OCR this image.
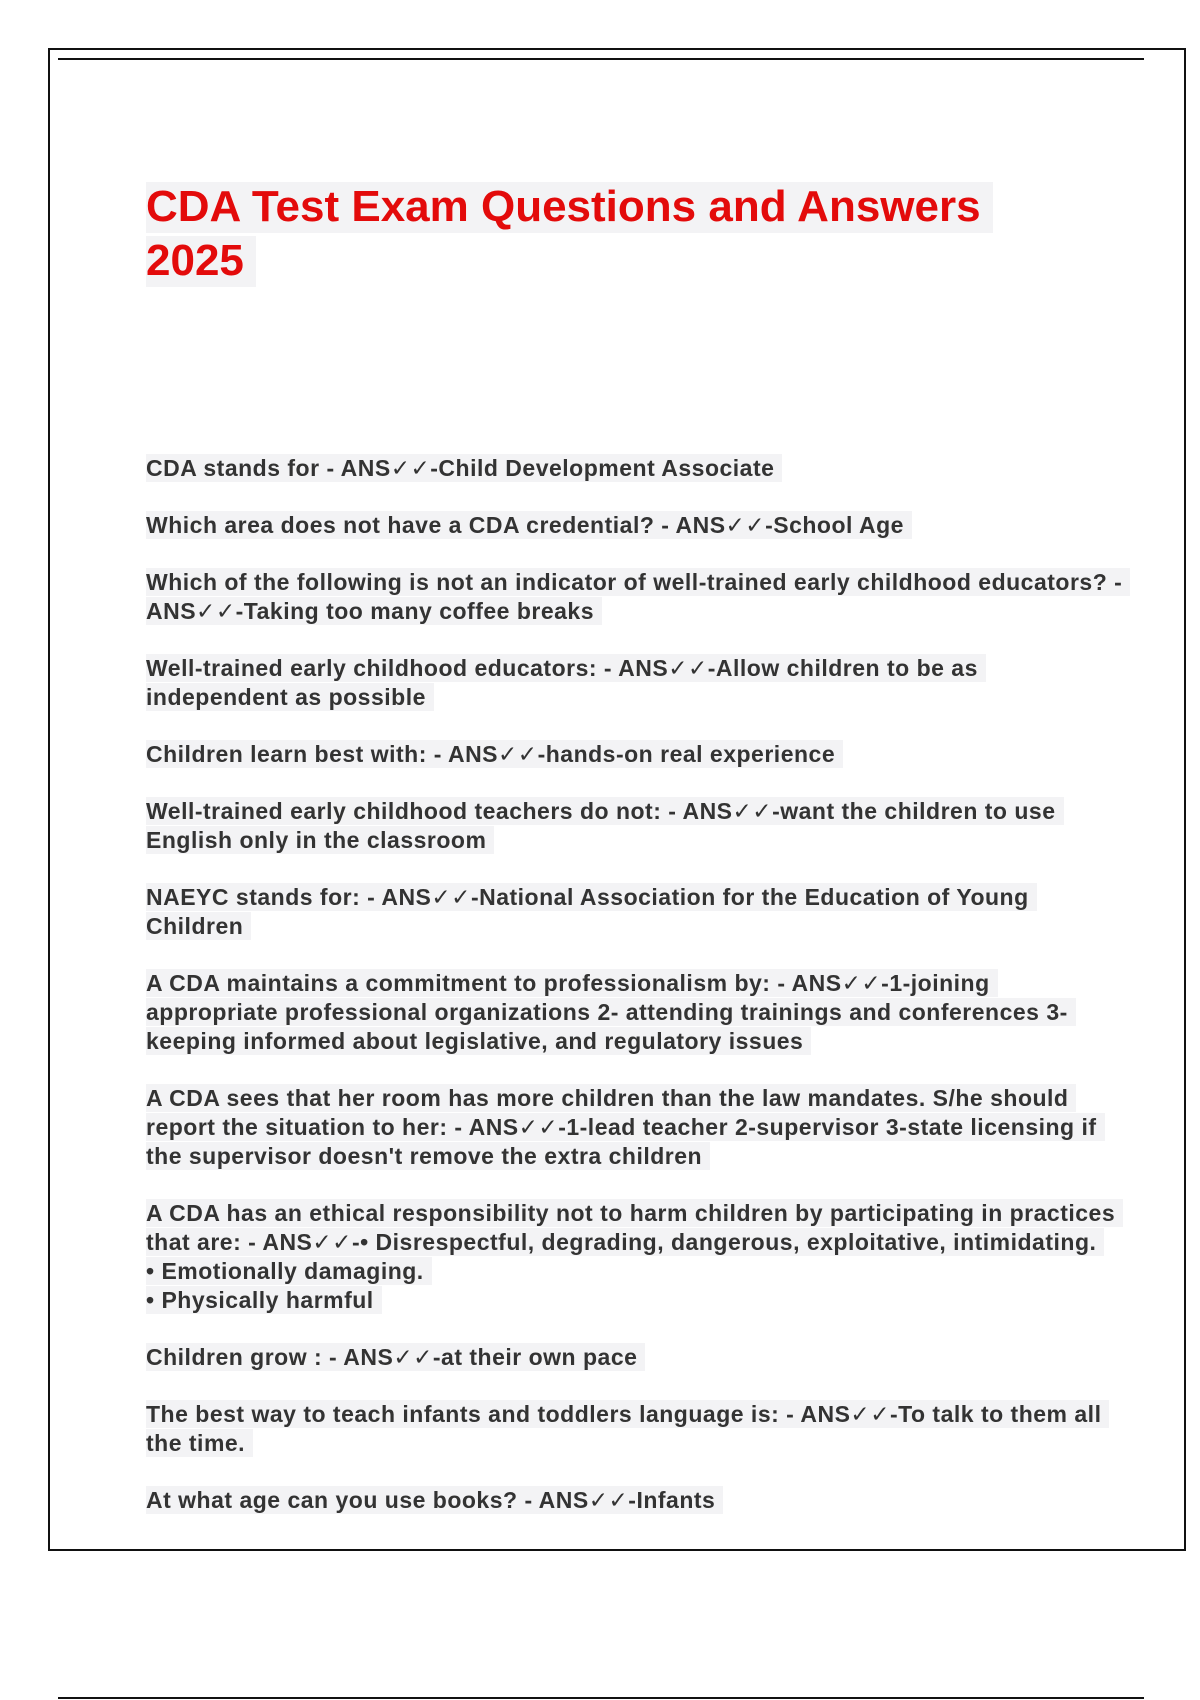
CDA Test Exam Questions and Answers
2025
CDA stands for - ANS✓✓-Child Development Associate
Which area does not have a CDA credential? - ANS✓✓-School Age
Which of the following is not an indicator of well-trained early childhood educators? - ANS✓✓-Taking too many coffee breaks
Well-trained early childhood educators: - ANS✓✓-Allow children to be as independent as possible
Children learn best with: - ANS✓✓-hands-on real experience
Well-trained early childhood teachers do not: - ANS✓✓-want the children to use English only in the classroom
NAEYC stands for: - ANS✓✓-National Association for the Education of Young Children
A CDA maintains a commitment to professionalism by: - ANS✓✓-1-joining appropriate professional organizations 2- attending trainings and conferences 3-keeping informed about legislative, and regulatory issues
A CDA sees that her room has more children than the law mandates. S/he should report the situation to her: - ANS✓✓-1-lead teacher 2-supervisor 3-state licensing if the supervisor doesn't remove the extra children
A CDA has an ethical responsibility not to harm children by participating in practices that are: - ANS✓✓-• Disrespectful, degrading, dangerous, exploitative, intimidating.
• Emotionally damaging.
• Physically harmful
Children grow : - ANS✓✓-at their own pace
The best way to teach infants and toddlers language is: - ANS✓✓-To talk to them all the time.
At what age can you use books? - ANS✓✓-Infants
